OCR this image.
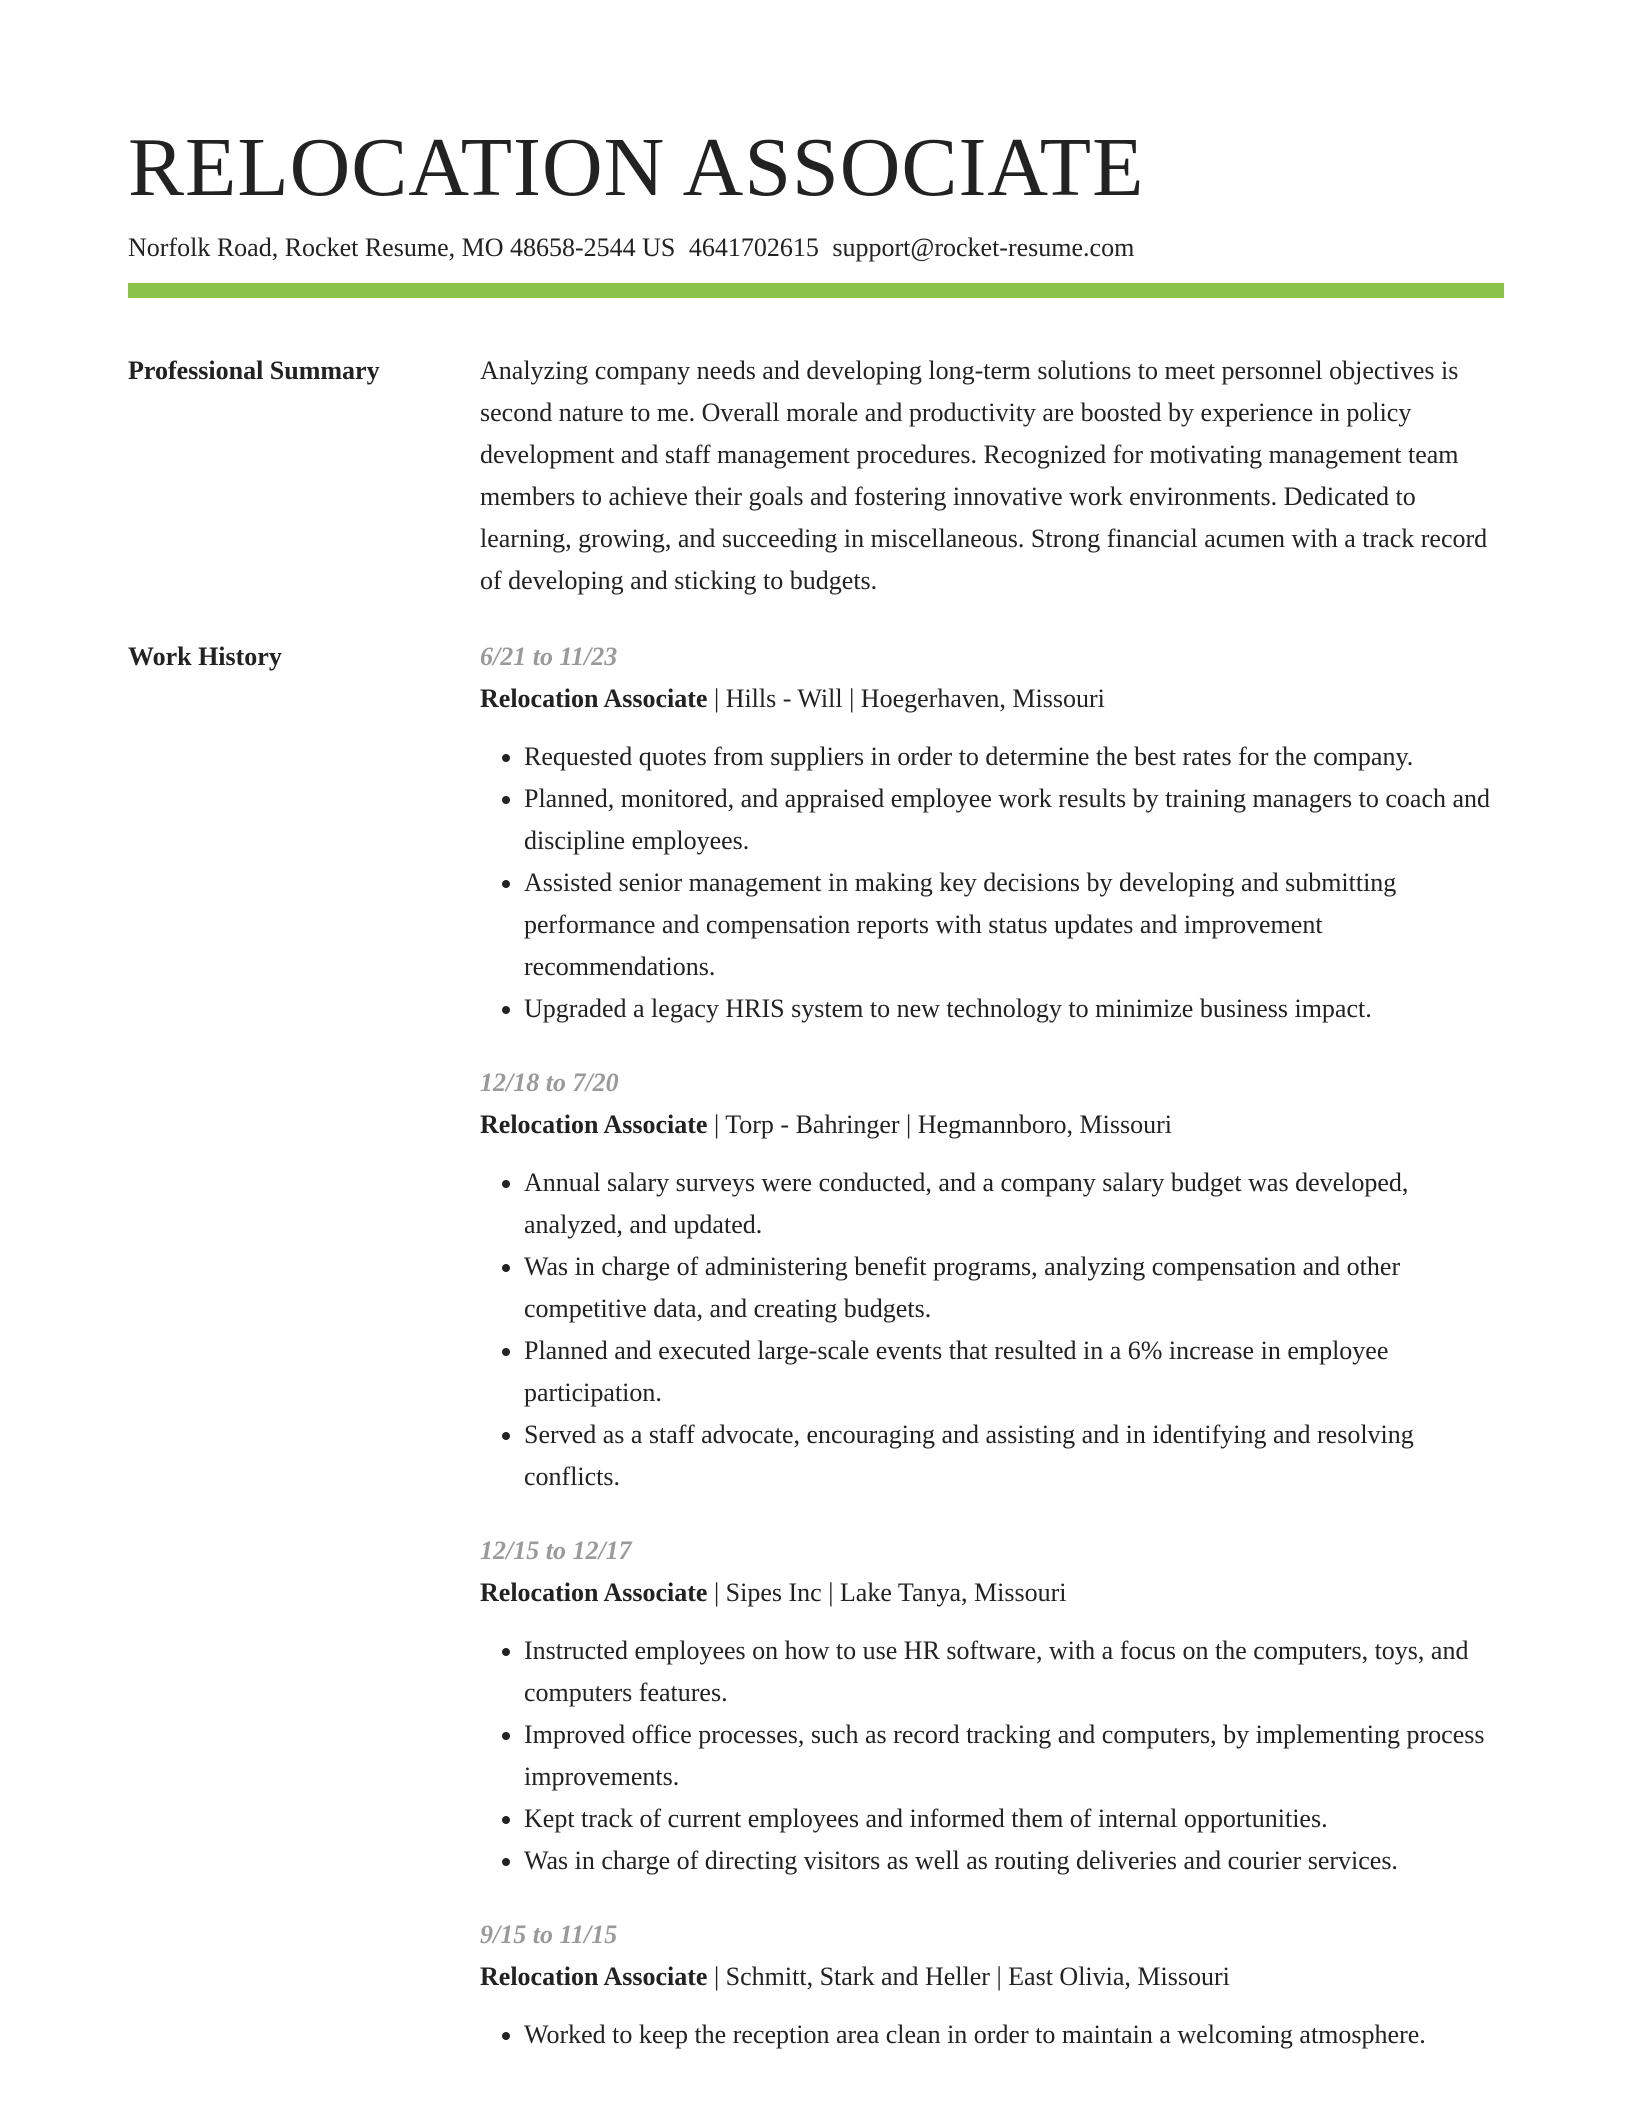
RELOCATION ASSOCIATE
Norfolk Road, Rocket Resume, MO 48658-2544 US 4641702615 support@rocket-resume.com
Professional Summary	Analyzing company needs and developing long-term solutions to meet personnel objectives is second nature to me. Overall morale and productivity are boosted by experience in policy development and staff management procedures. Recognized for motivating management team members to achieve their goals and fostering innovative work environments. Dedicated to learning, growing, and succeeding in miscellaneous. Strong financial acumen with a track record of developing and sticking to budgets.

Work History	6/21 to 11/23
Relocation Associate | Hills - Will | Hoegerhaven, Missouri
• Requested quotes from suppliers in order to determine the best rates for the company.
• Planned, monitored, and appraised employee work results by training managers to coach and discipline employees.
• Assisted senior management in making key decisions by developing and submitting performance and compensation reports with status updates and improvement recommendations.
• Upgraded a legacy HRIS system to new technology to minimize business impact.
12/18 to 7/20
Relocation Associate | Torp - Bahringer | Hegmannboro, Missouri
• Annual salary surveys were conducted, and a company salary budget was developed, analyzed, and updated.
• Was in charge of administering benefit programs, analyzing compensation and other competitive data, and creating budgets.
• Planned and executed large-scale events that resulted in a 6% increase in employee participation.
• Served as a staff advocate, encouraging and assisting and in identifying and resolving conflicts.
12/15 to 12/17
Relocation Associate | Sipes Inc | Lake Tanya, Missouri
• Instructed employees on how to use HR software, with a focus on the computers, toys, and computers features.
• Improved office processes, such as record tracking and computers, by implementing process improvements.
• Kept track of current employees and informed them of internal opportunities.
• Was in charge of directing visitors as well as routing deliveries and courier services.
9/15 to 11/15
Relocation Associate | Schmitt, Stark and Heller | East Olivia, Missouri
• Worked to keep the reception area clean in order to maintain a welcoming atmosphere.
